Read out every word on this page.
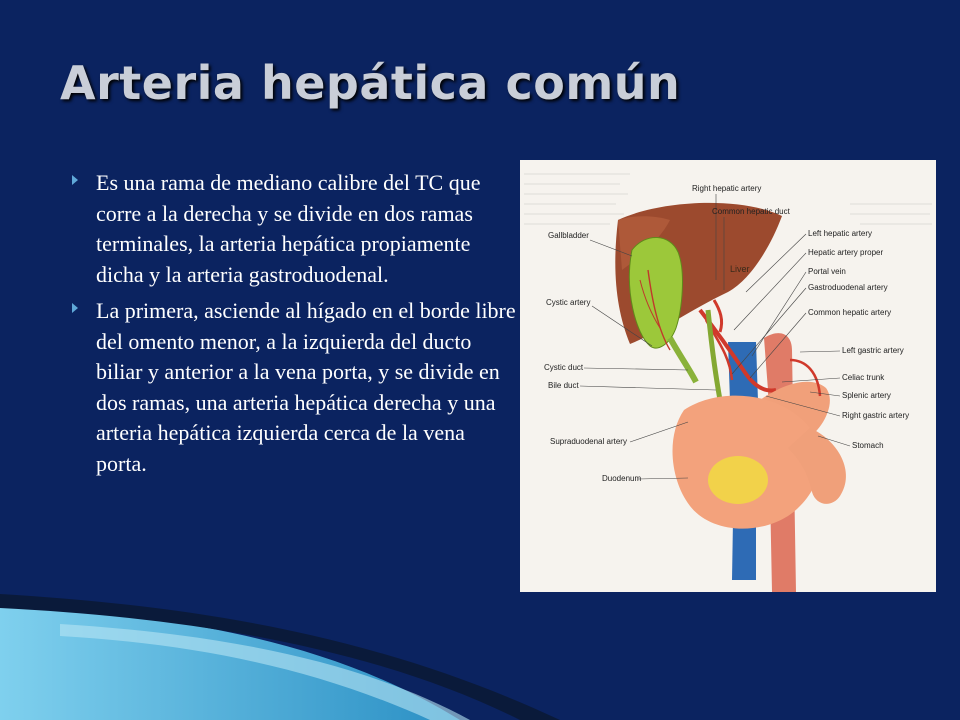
Arteria hepática común
Es una rama de mediano calibre del TC que corre a la derecha y se divide en dos ramas terminales, la arteria hepática propiamente dicha y la arteria gastroduodenal.
La primera, asciende al hígado en el borde libre del omento menor, a la izquierda del ducto biliar y anterior a la vena porta, y se divide en dos ramas, una arteria hepática derecha y una arteria hepática izquierda cerca de la vena porta.
Right hepatic artery
Common hepatic duct
Gallbladder	Left hepatic artery
Hepatic artery proper
Liver	Portal vein
Gastroduodenal artery
Cystic artery
Common hepatic artery
Left gastric artery
Cystic duct
Bile duct
Celiac trunk
Splenic artery
Right gastric artery
Supraduodenal artery	Stomach
Duodenum
